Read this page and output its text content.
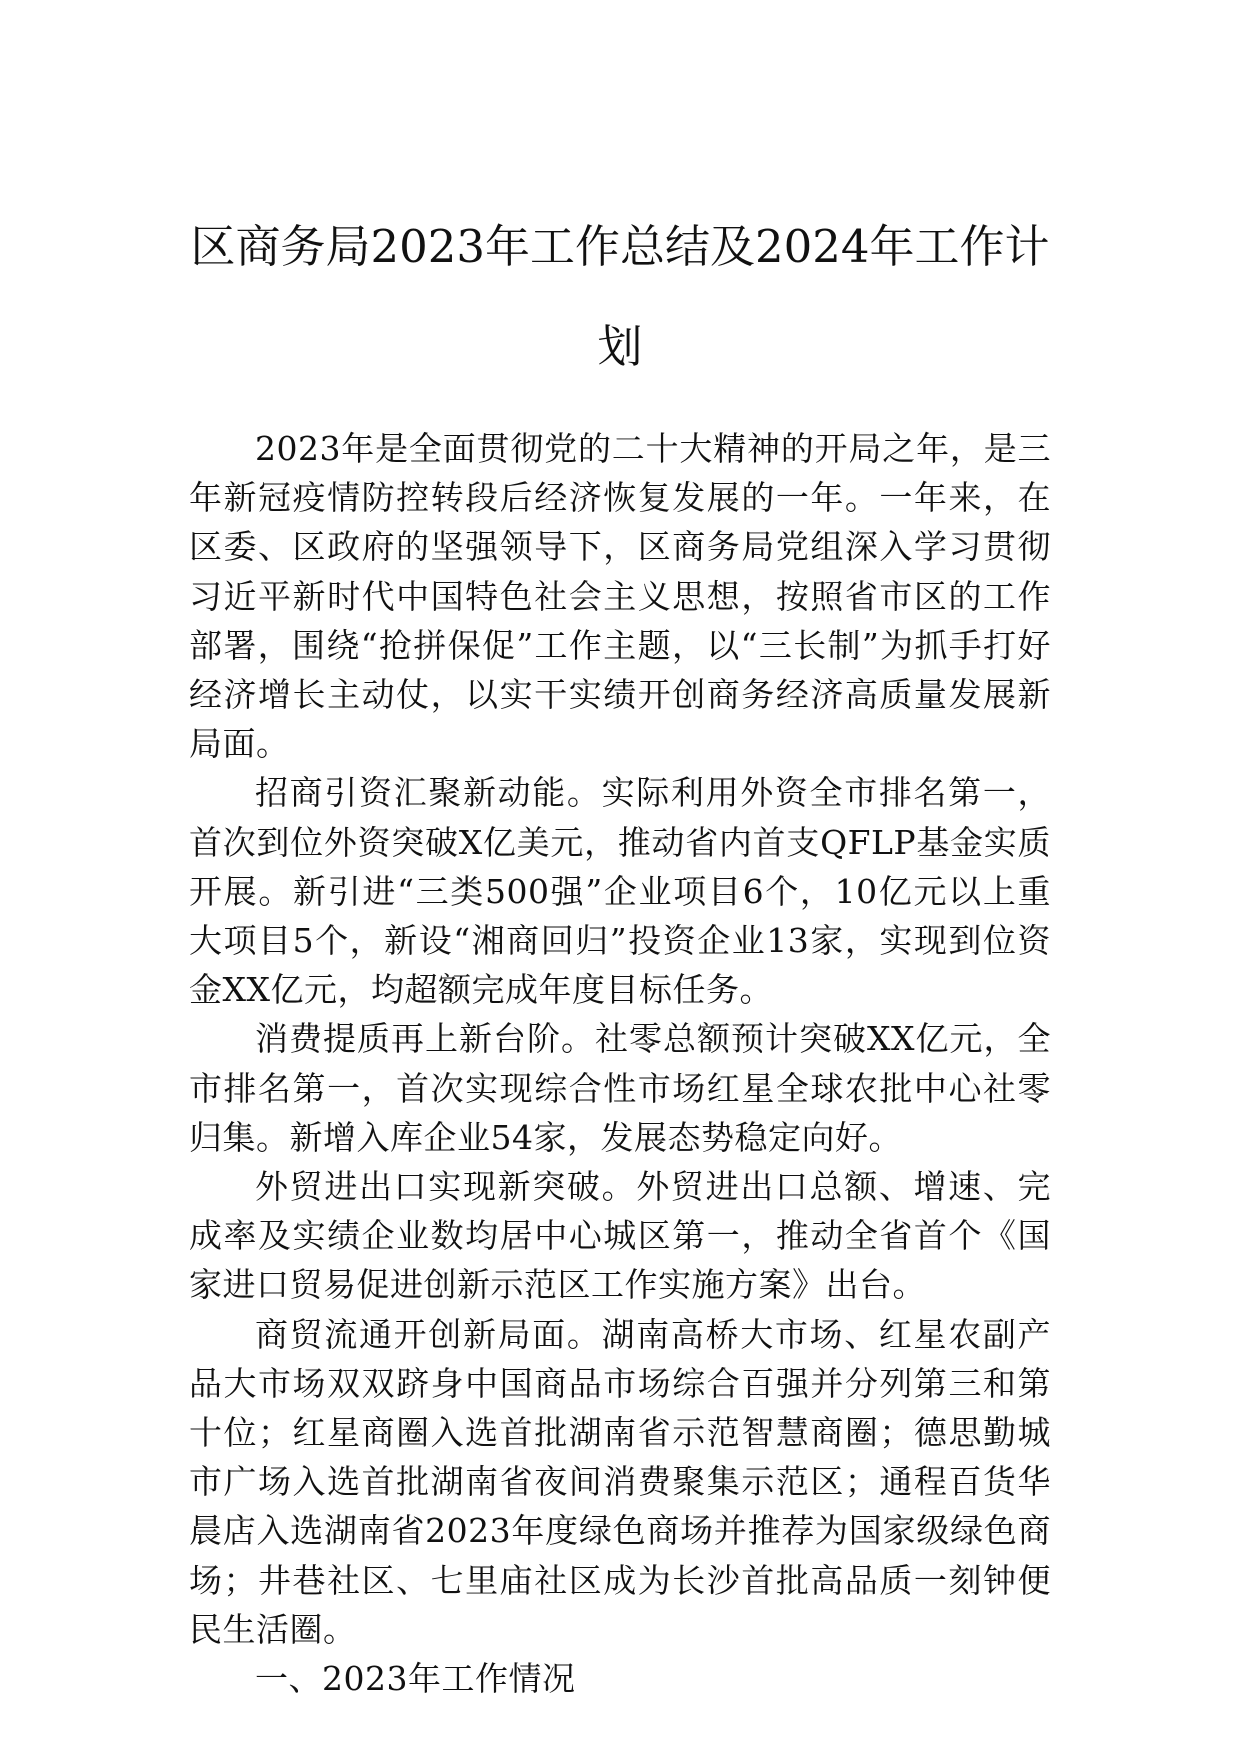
区商务局2023年工作总结及2024年工作计划

2023年是全面贯彻党的二十大精神的开局之年，是三年新冠疫情防控转段后经济恢复发展的一年。一年来，在区委、区政府的坚强领导下，区商务局党组深入学习贯彻习近平新时代中国特色社会主义思想，按照省市区的工作部署，围绕“抢拼保促”工作主题，以“三长制”为抓手打好经济增长主动仗，以实干实绩开创商务经济高质量发展新局面。

招商引资汇聚新动能。实际利用外资全市排名第一，首次到位外资突破X亿美元，推动省内首支QFLP基金实质开展。新引进“三类500强”企业项目6个，10亿元以上重大项目5个，新设“湘商回归”投资企业13家，实现到位资金XX亿元，均超额完成年度目标任务。

消费提质再上新台阶。社零总额预计突破XX亿元，全市排名第一，首次实现综合性市场红星全球农批中心社零归集。新增入库企业54家，发展态势稳定向好。

外贸进出口实现新突破。外贸进出口总额、增速、完成率及实绩企业数均居中心城区第一，推动全省首个《国家进口贸易促进创新示范区工作实施方案》出台。

商贸流通开创新局面。湖南高桥大市场、红星农副产品大市场双双跻身中国商品市场综合百强并分列第三和第十位；红星商圈入选首批湖南省示范智慧商圈；德思勤城市广场入选首批湖南省夜间消费聚集示范区；通程百货华晨店入选湖南省2023年度绿色商场并推荐为国家级绿色商场；井巷社区、七里庙社区成为长沙首批高品质一刻钟便民生活圈。

一、2023年工作情况
